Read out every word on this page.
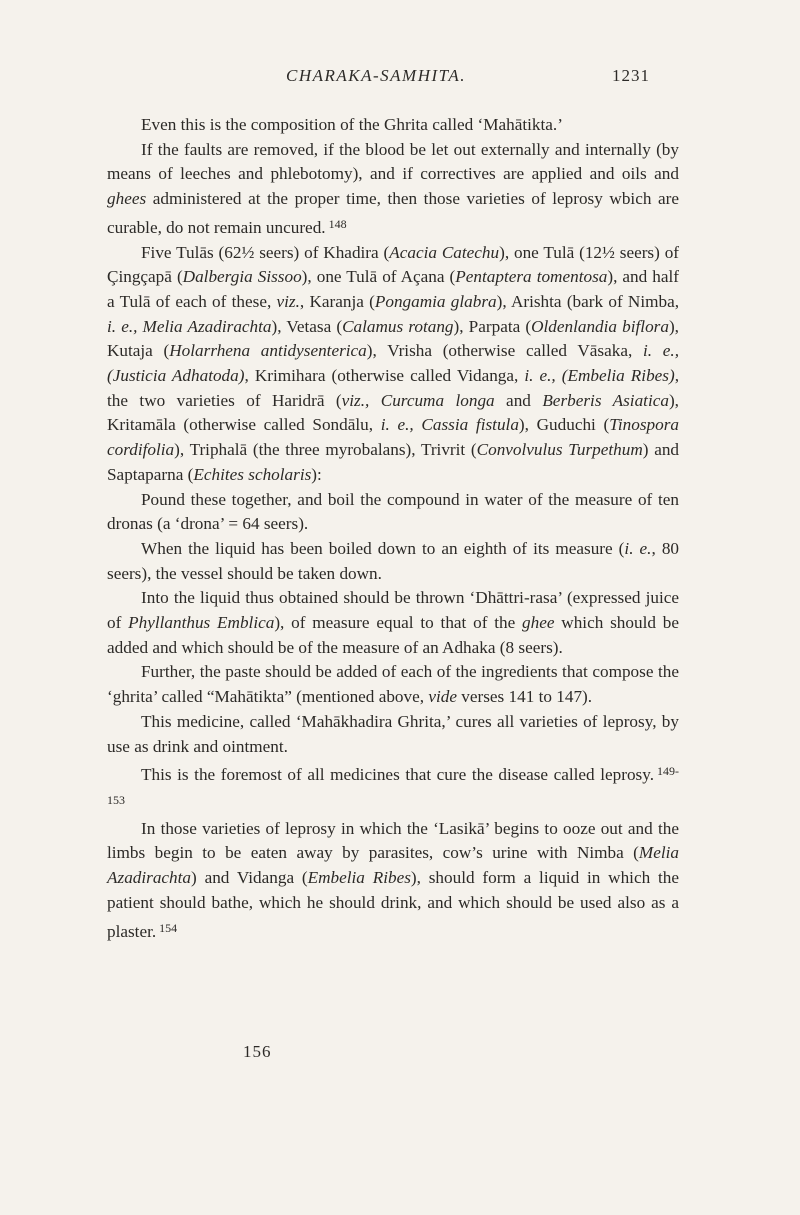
CHARAKA-SAMHITA.	1231

Even this is the composition of the Ghrita called ‘Mahātikta.’

If the faults are removed, if the blood be let out externally and internally (by means of leeches and phlebotomy), and if correctives are applied and oils and ghees administered at the proper time, then those varieties of leprosy wbich are curable, do not remain uncured. $^{148}$

Five Tulās (62½ seers) of Khadira (Acacia Catechu), one Tulā (12½ seers) of Çingçapā (Dalbergia Sissoo), one Tulā of Açana (Pentaptera tomentosa), and half a Tulā of each of these, viz., Karanja (Pongamia glabra), Arishta (bark of Nimba, i. e., Melia Azadirachta), Vetasa (Calamus rotang), Parpata (Oldenlandia biflora), Kutaja (Holarrhena antidysenterica), Vrisha (otherwise called Vāsaka, i. e., (Justicia Adhatoda), Krimihara (otherwise called Vidanga, i. e., (Embelia Ribes), the two varieties of Haridrā (viz., Curcuma longa and Berberis Asiatica), Kritamāla (otherwise called Sondālu, i. e., Cassia fistula), Guduchi (Tinospora cordifolia), Triphalā (the three myrobalans), Trivrit (Convolvulus Turpethum) and Saptaparna (Echites scholaris):

Pound these together, and boil the compound in water of the measure of ten dronas (a ‘drona’ = 64 seers).

When the liquid has been boiled down to an eighth of its measure (i. e., 80 seers), the vessel should be taken down.

Into the liquid thus obtained should be thrown ‘Dhāttri-rasa’ (expressed juice of Phyllanthus Emblica), of measure equal to that of the ghee which should be added and which should be of the measure of an Adhaka (8 seers).

Further, the paste should be added of each of the ingredients that compose the ‘ghrita’ called “Mahātikta” (mentioned above, vide verses 141 to 147).

This medicine, called ‘Mahākhadira Ghrita,’ cures all varieties of leprosy, by use as drink and ointment.

This is the foremost of all medicines that cure the disease called leprosy. $^{149-153}$

In those varieties of leprosy in which the ‘Lasikā’ begins to ooze out and the limbs begin to be eaten away by parasites, cow’s urine with Nimba (Melia Azadirachta) and Vidanga (Embelia Ribes), should form a liquid in which the patient should bathe, which he should drink, and which should be used also as a plaster. $^{154}$

156
